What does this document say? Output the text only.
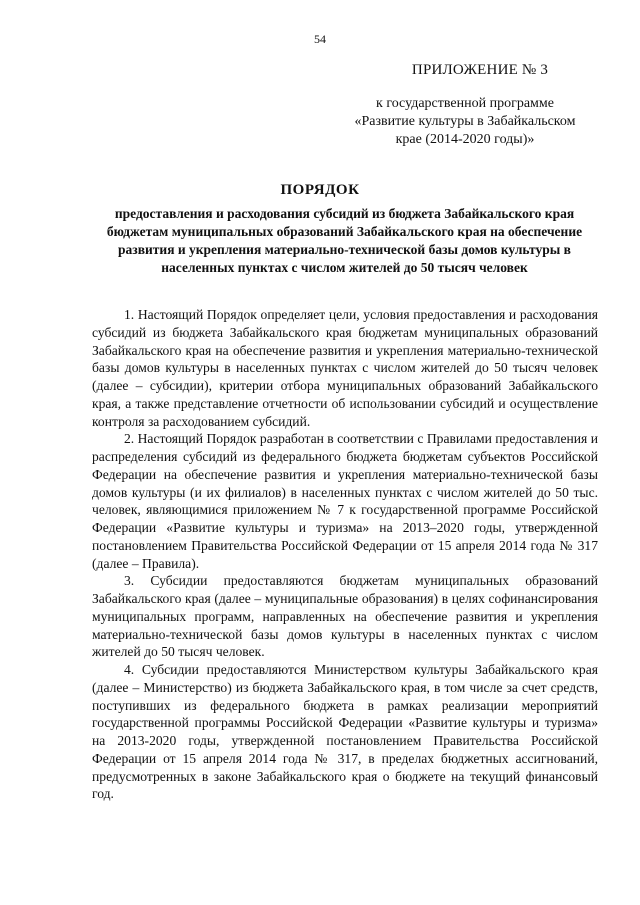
54
ПРИЛОЖЕНИЕ № 3
к государственной программе
«Развитие культуры в Забайкальском
крае (2014-2020 годы)»
ПОРЯДОК
предоставления и расходования субсидий из бюджета Забайкальского края бюджетам муниципальных образований Забайкальского края на обеспечение развития и укрепления материально-технической базы домов культуры в населенных пунктах с числом жителей до 50 тысяч человек

1. Настоящий Порядок определяет цели, условия предоставления и расходования субсидий из бюджета Забайкальского края бюджетам муниципальных образований Забайкальского края на обеспечение развития и укрепления материально-технической базы домов культуры в населенных пунктах с числом жителей до 50 тысяч человек (далее – субсидии), критерии отбора муниципальных образований Забайкальского края, а также представление отчетности об использовании субсидий и осуществление контроля за расходованием субсидий.

2. Настоящий Порядок разработан в соответствии с Правилами предоставления и распределения субсидий из федерального бюджета бюджетам субъектов Российской Федерации на обеспечение развития и укрепления материально-технической базы домов культуры (и их филиалов) в населенных пунктах с числом жителей до 50 тыс. человек, являющимися приложением № 7 к государственной программе Российской Федерации «Развитие культуры и туризма» на 2013–2020 годы, утвержденной постановлением Правительства Российской Федерации от 15 апреля 2014 года № 317 (далее – Правила).

3. Субсидии предоставляются бюджетам муниципальных образований Забайкальского края (далее – муниципальные образования) в целях софинансирования муниципальных программ, направленных на обеспечение развития и укрепления материально-технической базы домов культуры в населенных пунктах с числом жителей до 50 тысяч человек.

4. Субсидии предоставляются Министерством культуры Забайкальского края (далее – Министерство) из бюджета Забайкальского края, в том числе за счет средств, поступивших из федерального бюджета в рамках реализации мероприятий государственной программы Российской Федерации «Развитие культуры и туризма» на 2013-2020 годы, утвержденной постановлением Правительства Российской Федерации от 15 апреля 2014 года № 317, в пределах бюджетных ассигнований, предусмотренных в законе Забайкальского края о бюджете на текущий финансовый год.
